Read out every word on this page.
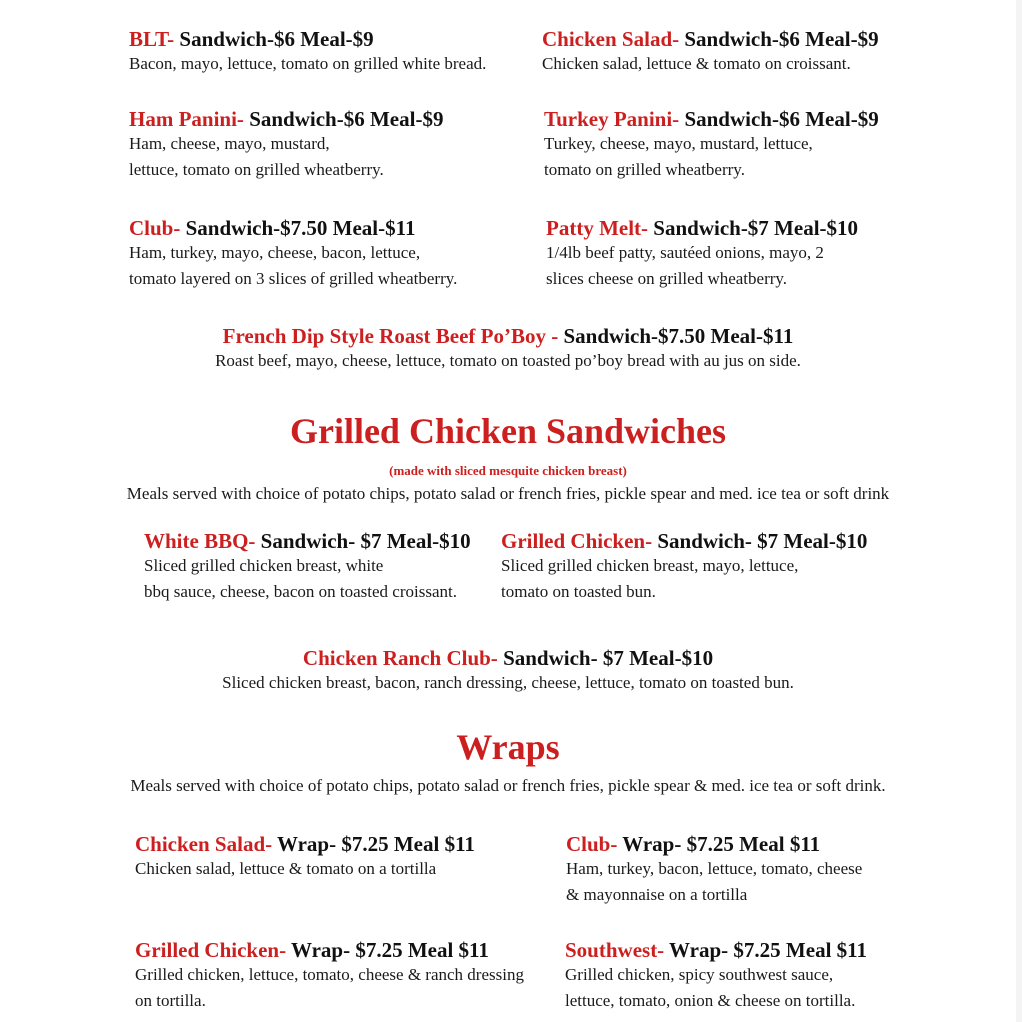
BLT- Sandwich-$6 Meal-$9
Bacon, mayo, lettuce, tomato on grilled white bread.
Chicken Salad- Sandwich-$6 Meal-$9
Chicken salad, lettuce & tomato on croissant.
Ham Panini- Sandwich-$6 Meal-$9
Ham, cheese, mayo, mustard,
lettuce, tomato on grilled wheatberry.
Turkey Panini- Sandwich-$6 Meal-$9
Turkey, cheese, mayo, mustard, lettuce,
tomato on grilled wheatberry.
Club- Sandwich-$7.50 Meal-$11
Ham, turkey, mayo, cheese, bacon, lettuce,
tomato layered on 3 slices of grilled wheatberry.
Patty Melt- Sandwich-$7 Meal-$10
1/4lb beef patty, sautéed onions, mayo, 2
slices cheese on grilled wheatberry.
French Dip Style Roast Beef Po’Boy - Sandwich-$7.50 Meal-$11
Roast beef, mayo, cheese, lettuce, tomato on toasted po’boy bread with au jus on side.
Grilled Chicken Sandwiches
(made with sliced mesquite chicken breast)
Meals served with choice of potato chips, potato salad or french fries, pickle spear and med. ice tea or soft drink
White BBQ- Sandwich- $7 Meal-$10
Sliced grilled chicken breast, white
bbq sauce, cheese, bacon on toasted croissant.
Grilled Chicken- Sandwich- $7 Meal-$10
Sliced grilled chicken breast, mayo, lettuce,
tomato on toasted bun.
Chicken Ranch Club- Sandwich- $7 Meal-$10
Sliced chicken breast, bacon, ranch dressing, cheese, lettuce, tomato on toasted bun.
Wraps
Meals served with choice of potato chips, potato salad or french fries, pickle spear & med. ice tea or soft drink.
Chicken Salad- Wrap- $7.25 Meal $11
Chicken salad, lettuce & tomato on a tortilla
Club- Wrap- $7.25 Meal $11
Ham, turkey, bacon, lettuce, tomato, cheese
& mayonnaise on a tortilla
Grilled Chicken- Wrap- $7.25 Meal $11
Grilled chicken, lettuce, tomato, cheese & ranch dressing
on tortilla.
Southwest- Wrap- $7.25 Meal $11
Grilled chicken, spicy southwest sauce,
lettuce, tomato, onion & cheese on tortilla.
